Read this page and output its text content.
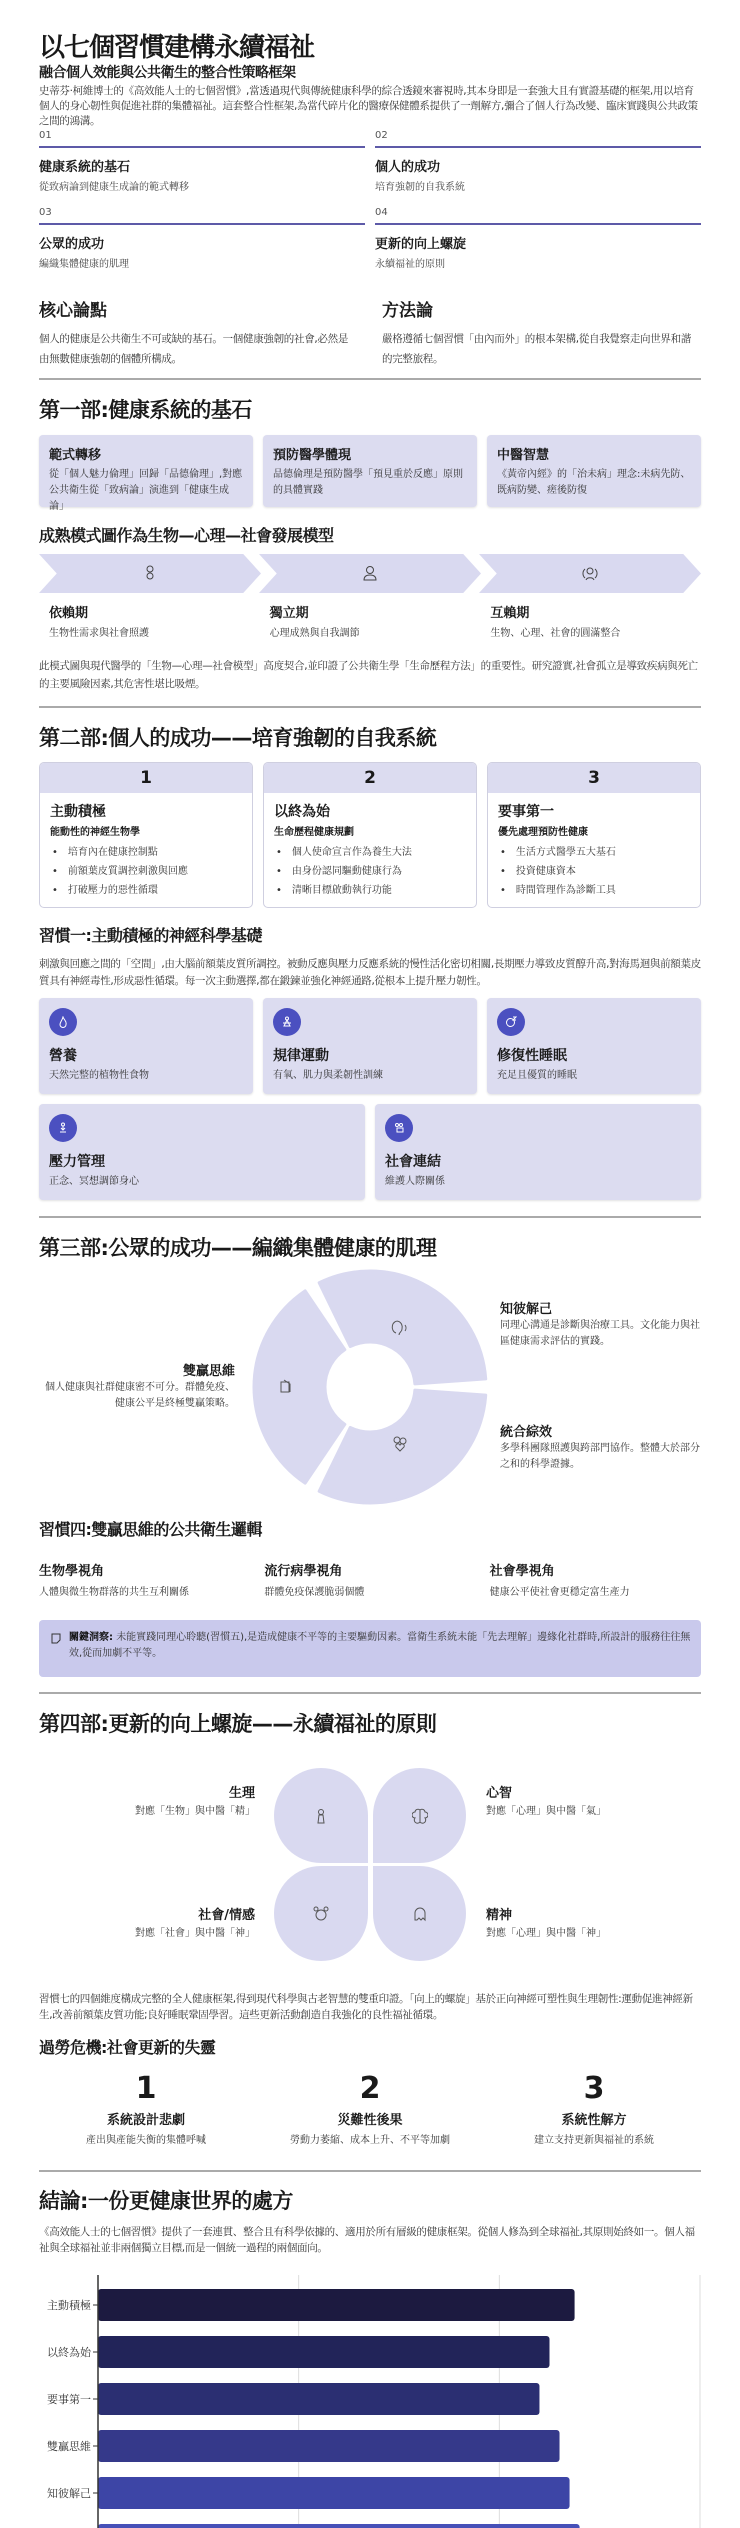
以七個習慣建構永續福祉
融合個人效能與公共衛生的整合性策略框架
史蒂芬·柯維博士的《高效能人士的七個習慣》,當透過現代與傳統健康科學的綜合透鏡來審視時,其本身即是一套強大且有實證基礎的框架,用以培育個人的身心韌性與促進社群的集體福祉。這套整合性框架,為當代碎片化的醫療保健體系提供了一劑解方,彌合了個人行為改變、臨床實踐與公共政策之間的鴻溝。
01
健康系統的基石
從致病論到健康生成論的範式轉移
02
個人的成功
培育強韌的自我系統
03
公眾的成功
編織集體健康的肌理
04
更新的向上螺旋
永續福祉的原則
核心論點
個人的健康是公共衛生不可或缺的基石。一個健康強韌的社會,必然是由無數健康強韌的個體所構成。
方法論
嚴格遵循七個習慣「由內而外」的根本架構,從自我覺察走向世界和諧的完整旅程。
第一部:健康系統的基石
範式轉移
從「個人魅力倫理」回歸「品德倫理」,對應公共衛生從「致病論」演進到「健康生成論」
預防醫學體現
品德倫理是預防醫學「預見重於反應」原則的具體實踐
中醫智慧
《黃帝內經》的「治未病」理念:未病先防、既病防變、瘥後防復
成熟模式圖作為生物—心理—社會發展模型
依賴期
生物性需求與社會照護
獨立期
心理成熟與自我調節
互賴期
生物、心理、社會的圓滿整合
此模式圖與現代醫學的「生物—心理—社會模型」高度契合,並印證了公共衛生學「生命歷程方法」的重要性。研究證實,社會孤立是導致疾病與死亡的主要風險因素,其危害性堪比吸煙。
第二部:個人的成功——培育強韌的自我系統
1
主動積極
能動性的神經生物學
• 培育內在健康控制點
• 前額葉皮質調控刺激與回應
• 打破壓力的惡性循環
2
以終為始
生命歷程健康規劃
• 個人使命宣言作為養生大法
• 由身份認同驅動健康行為
• 清晰目標啟動執行功能
3
要事第一
優先處理預防性健康
• 生活方式醫學五大基石
• 投資健康資本
• 時間管理作為診斷工具
習慣一:主動積極的神經科學基礎
刺激與回應之間的「空間」,由大腦前額葉皮質所調控。被動反應與壓力反應系統的慢性活化密切相關,長期壓力導致皮質醇升高,對海馬迴與前額葉皮質具有神經毒性,形成惡性循環。每一次主動選擇,都在鍛鍊並強化神經通路,從根本上提升壓力韌性。
營養
天然完整的植物性食物
規律運動
有氧、肌力與柔韌性訓練
修復性睡眠
充足且優質的睡眠
壓力管理
正念、冥想調節身心
社會連結
維護人際關係
第三部:公眾的成功——編織集體健康的肌理
知彼解己
同理心溝通是診斷與治療工具。文化能力與社區健康需求評估的實踐。
統合綜效
多學科團隊照護與跨部門協作。整體大於部分之和的科學證據。
雙贏思維
個人健康與社群健康密不可分。群體免疫、健康公平是終極雙贏策略。
習慣四:雙贏思維的公共衛生邏輯
生物學視角
人體與微生物群落的共生互利關係
流行病學視角
群體免疫保護脆弱個體
社會學視角
健康公平使社會更穩定富生產力
關鍵洞察: 未能實踐同理心聆聽(習慣五),是造成健康不平等的主要驅動因素。當衛生系統未能「先去理解」邊緣化社群時,所設計的服務往往無效,從而加劇不平等。
第四部:更新的向上螺旋——永續福祉的原則
生理
對應「生物」與中醫「精」
心智
對應「心理」與中醫「氣」
社會/情感
對應「社會」與中醫「神」
精神
對應「心理」與中醫「神」
習慣七的四個維度構成完整的全人健康框架,得到現代科學與古老智慧的雙重印證。「向上的螺旋」基於正向神經可塑性與生理韌性:運動促進神經新生,改善前額葉皮質功能;良好睡眠鞏固學習。這些更新活動創造自我強化的良性福祉循環。
過勞危機:社會更新的失靈
1
系統設計悲劇
產出與產能失衡的集體呼喊
2
災難性後果
勞動力萎縮、成本上升、不平等加劇
3
系統性解方
建立支持更新與福祉的系統
結論:一份更健康世界的處方
《高效能人士的七個習慣》提供了一套連貫、整合且有科學依據的、適用於所有層級的健康框架。從個人修為到全球福祉,其原則始終如一。個人福祉與全球福祉並非兩個獨立目標,而是一個統一過程的兩個面向。
主動積極
以終為始
要事第一
雙贏思維
知彼解己
